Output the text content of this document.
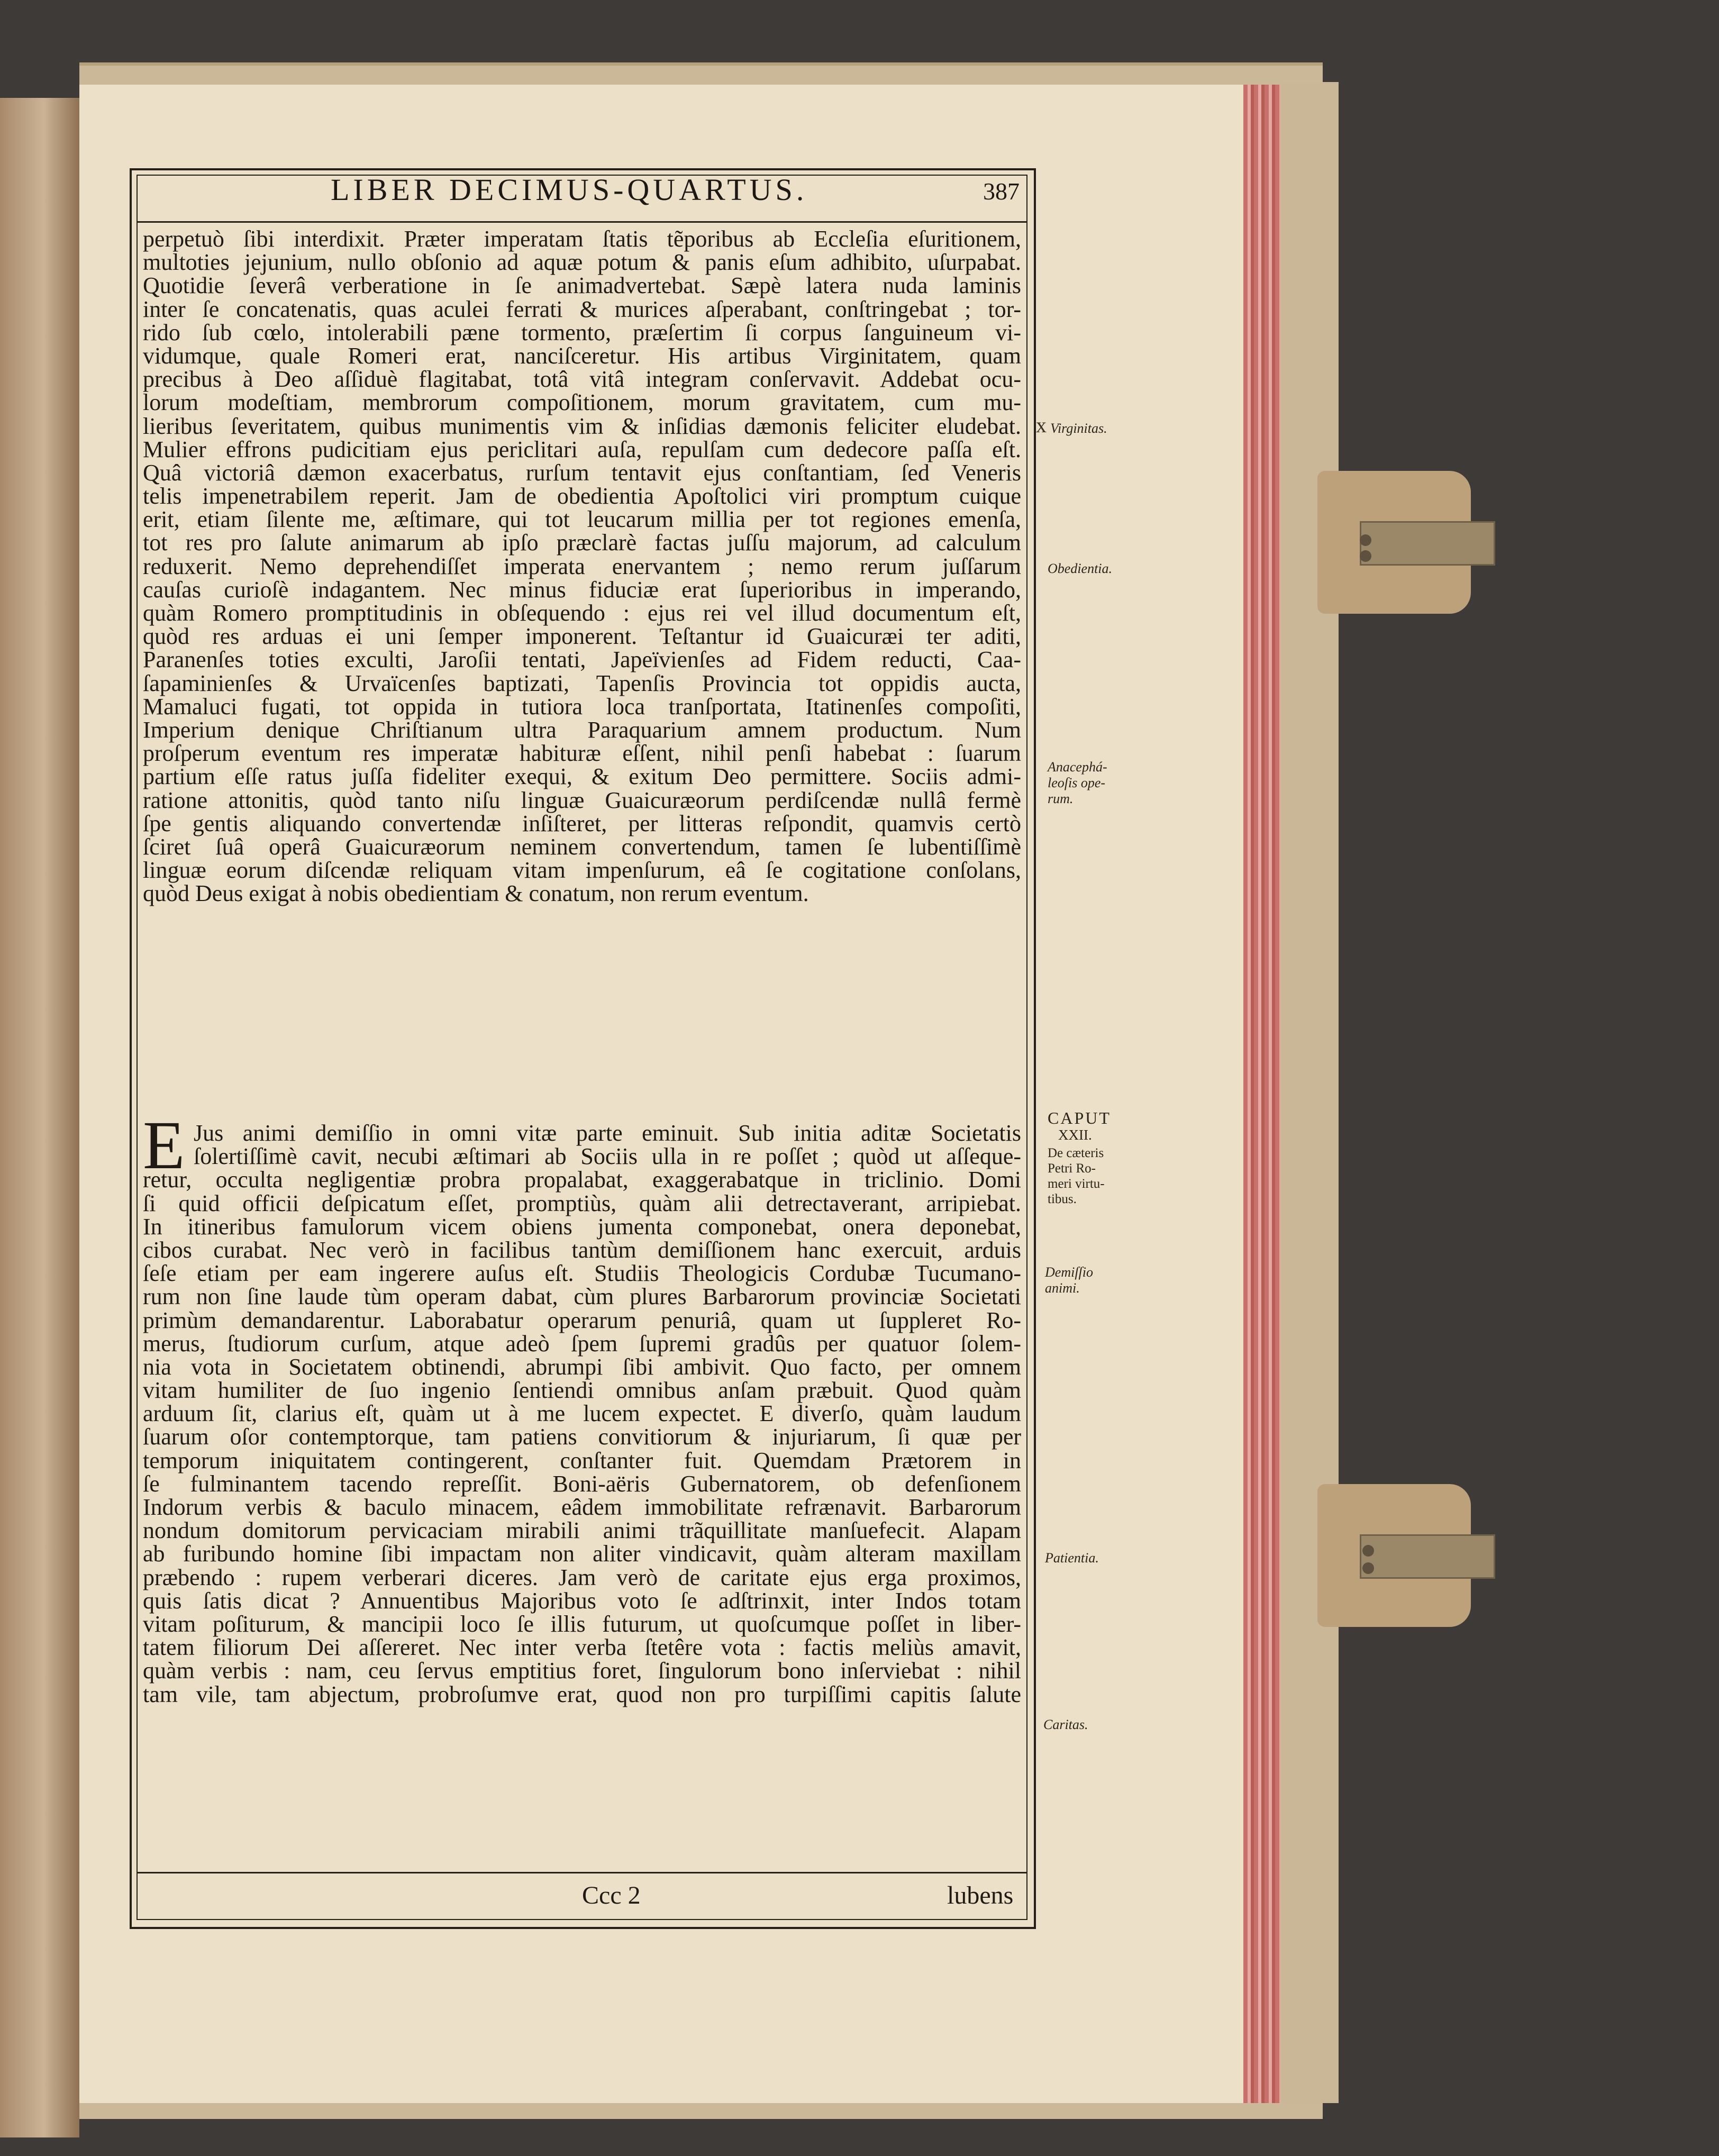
LIBER DECIMUS-QUARTUS.	387
perpetuò ſibi interdixit. Præter imperatam ſtatis tẽporibus ab Eccleſia eſuritionem,
multoties jejunium, nullo obſonio ad aquæ potum & panis eſum adhibito, uſurpabat.
Quotidie ſeverâ verberatione in ſe animadvertebat. Sæpè latera nuda laminis
inter ſe concatenatis, quas aculei ferrati & murices aſperabant, conſtringebat ; tor-
rido ſub cœlo, intolerabili pæne tormento, præſertim ſi corpus ſanguineum vi-
vidumque, quale Romeri erat, nanciſceretur. His artibus Virginitatem, quam
precibus à Deo aſſiduè flagitabat, totâ vitâ integram conſervavit. Addebat ocu-
lorum modeſtiam, membrorum compoſitionem, morum gravitatem, cum mu-
lieribus ſeveritatem, quibus munimentis vim & inſidias dæmonis feliciter eludebat.
Mulier effrons pudicitiam ejus periclitari auſa, repulſam cum dedecore paſſa eſt.
Quâ victoriâ dæmon exacerbatus, rurſum tentavit ejus conſtantiam, ſed Veneris
telis impenetrabilem reperit. Jam de obedientia Apoſtolici viri promptum cuique
erit, etiam ſilente me, æſtimare, qui tot leucarum millia per tot regiones emenſa,
tot res pro ſalute animarum ab ipſo præclarè factas juſſu majorum, ad calculum
reduxerit. Nemo deprehendiſſet imperata enervantem ; nemo rerum juſſarum
cauſas curioſè indagantem. Nec minus fiduciæ erat ſuperioribus in imperando,
quàm Romero promptitudinis in obſequendo : ejus rei vel illud documentum eſt,
quòd res arduas ei uni ſemper imponerent. Teſtantur id Guaicuræi ter aditi,
Paranenſes toties exculti, Jaroſii tentati, Japeïvienſes ad Fidem reducti, Caa-
ſapaminienſes & Urvaïcenſes baptizati, Tapenſis Provincia tot oppidis aucta,
Mamaluci fugati, tot oppida in tutiora loca tranſportata, Itatinenſes compoſiti,
Imperium denique Chriſtianum ultra Paraquarium amnem productum. Num
proſperum eventum res imperatæ habituræ eſſent, nihil penſi habebat : ſuarum
partium eſſe ratus juſſa fideliter exequi, & exitum Deo permittere. Sociis admi-
ratione attonitis, quòd tanto niſu linguæ Guaicuræorum perdiſcendæ nullâ fermè
ſpe gentis aliquando convertendæ inſiſteret, per litteras reſpondit, quamvis certò
ſciret ſuâ operâ Guaicuræorum neminem convertendum, tamen ſe lubentiſſimè
linguæ eorum diſcendæ reliquam vitam impenſurum, eâ ſe cogitatione conſolans,
quòd Deus exigat à nobis obedientiam & conatum, non rerum eventum.
E Jus animi demiſſio in omni vitæ parte eminuit. Sub initia aditæ Societatis
ſolertiſſimè cavit, necubi æſtimari ab Sociis ulla in re poſſet ; quòd ut aſſeque-
retur, occulta negligentiæ probra propalabat, exaggerabatque in triclinio. Domi
ſi quid officii deſpicatum eſſet, promptiùs, quàm alii detrectaverant, arripiebat.
In itineribus famulorum vicem obiens jumenta componebat, onera deponebat,
cibos curabat. Nec verò in facilibus tantùm demiſſionem hanc exercuit, arduis
ſeſe etiam per eam ingerere auſus eſt. Studiis Theologicis Cordubæ Tucumano-
rum non ſine laude tùm operam dabat, cùm plures Barbarorum provinciæ Societati
primùm demandarentur. Laborabatur operarum penuriâ, quam ut ſuppleret Ro-
merus, ſtudiorum curſum, atque adeò ſpem ſupremi gradûs per quatuor ſolem-
nia vota in Societatem obtinendi, abrumpi ſibi ambivit. Quo facto, per omnem
vitam humiliter de ſuo ingenio ſentiendi omnibus anſam præbuit. Quod quàm
arduum ſit, clarius eſt, quàm ut à me lucem expectet. E diverſo, quàm laudum
ſuarum oſor contemptorque, tam patiens convitiorum & injuriarum, ſi quæ per
temporum iniquitatem contingerent, conſtanter fuit. Quemdam Prætorem in
ſe fulminantem tacendo repreſſit. Boni-aëris Gubernatorem, ob defenſionem
Indorum verbis & baculo minacem, eâdem immobilitate refrænavit. Barbarorum
nondum domitorum pervicaciam mirabili animi trãquillitate manſuefecit. Alapam
ab furibundo homine ſibi impactam non aliter vindicavit, quàm alteram maxillam
præbendo : rupem verberari diceres. Jam verò de caritate ejus erga proximos,
quis ſatis dicat ? Annuentibus Majoribus voto ſe adſtrinxit, inter Indos totam
vitam poſiturum, & mancipii loco ſe illis futurum, ut quoſcumque poſſet in liber-
tatem filiorum Dei aſſereret. Nec inter verba ſtetêre vota : factis meliùs amavit,
quàm verbis : nam, ceu ſervus emptitius foret, ſingulorum bono inſerviebat : nihil
tam vile, tam abjectum, probroſumve erat, quod non pro turpiſſimi capitis ſalute
Ccc 2	lubens
x Virginitas.
Obedientia.
Anacephá-
leoſis ope-
rum.
CAPUT
XXII.
De cæteris
Petri Ro-
meri virtu-
tibus.
Demiſſio
animi.
Patientia.
Caritas.
